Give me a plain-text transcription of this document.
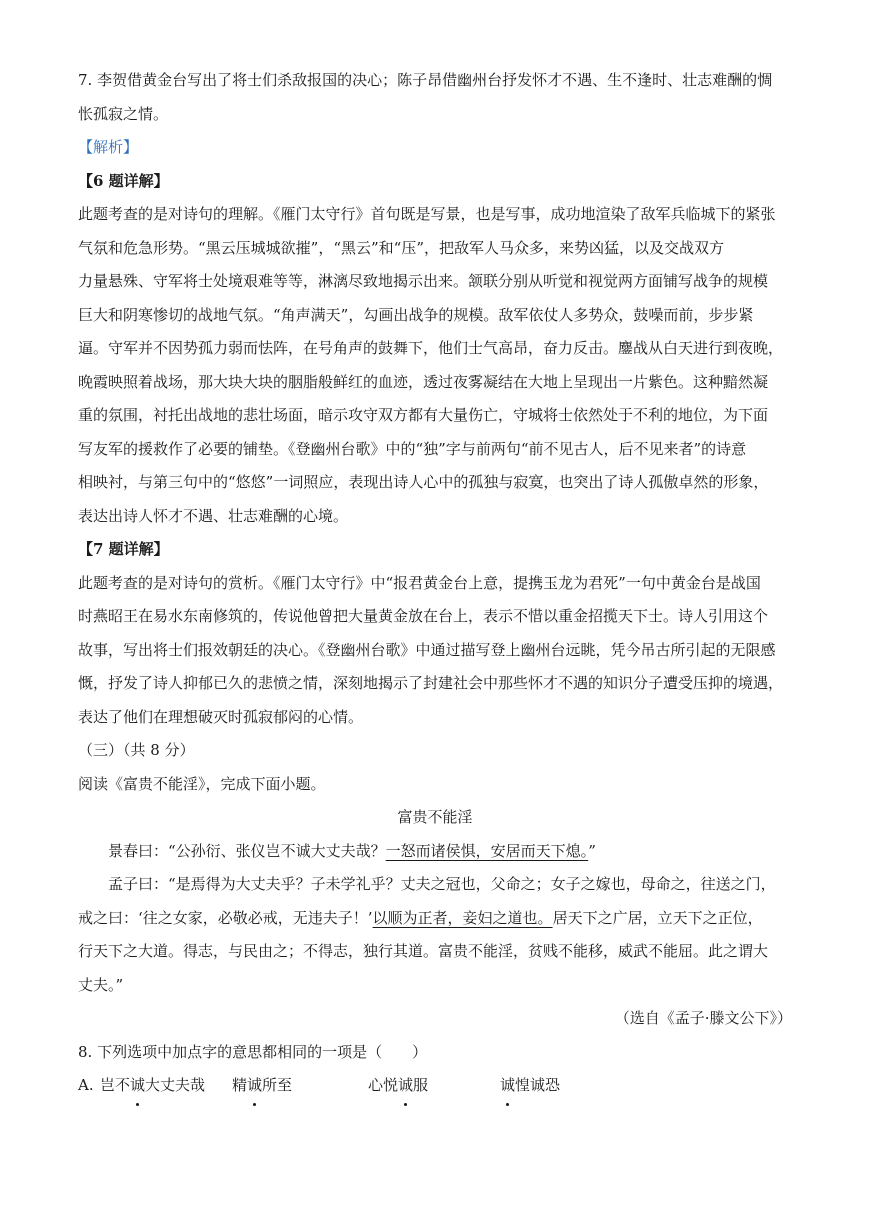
7. 李贺借黄金台写出了将士们杀敌报国的决心；陈子昂借幽州台抒发怀才不遇、生不逢时、壮志难酬的惆

怅孤寂之情。

【解析】

【6 题详解】

此题考查的是对诗句的理解。《雁门太守行》首句既是写景，也是写事，成功地渲染了敌军兵临城下的紧张

气氛和危急形势。“黑云压城城欲摧”，“黑云”和“压”，把敌军人马众多，来势凶猛，以及交战双方

力量悬殊、守军将士处境艰难等等，淋漓尽致地揭示出来。颔联分别从听觉和视觉两方面铺写战争的规模

巨大和阴寒惨切的战地气氛。“角声满天”，勾画出战争的规模。敌军依仗人多势众，鼓噪而前，步步紧

逼。守军并不因势孤力弱而怯阵，在号角声的鼓舞下，他们士气高昂，奋力反击。鏖战从白天进行到夜晚，

晚霞映照着战场，那大块大块的胭脂般鲜红的血迹，透过夜雾凝结在大地上呈现出一片紫色。这种黯然凝

重的氛围，衬托出战地的悲壮场面，暗示攻守双方都有大量伤亡，守城将士依然处于不利的地位，为下面

写友军的援救作了必要的铺垫。《登幽州台歌》中的“独”字与前两句“前不见古人，后不见来者”的诗意

相映衬，与第三句中的“悠悠”一词照应，表现出诗人心中的孤独与寂寞，也突出了诗人孤傲卓然的形象，

表达出诗人怀才不遇、壮志难酬的心境。

【7 题详解】

此题考查的是对诗句的赏析。《雁门太守行》中“报君黄金台上意，提携玉龙为君死”一句中黄金台是战国

时燕昭王在易水东南修筑的，传说他曾把大量黄金放在台上，表示不惜以重金招揽天下士。诗人引用这个

故事，写出将士们报效朝廷的决心。《登幽州台歌》中通过描写登上幽州台远眺，凭今吊古所引起的无限感

慨，抒发了诗人抑郁已久的悲愤之情，深刻地揭示了封建社会中那些怀才不遇的知识分子遭受压抑的境遇，

表达了他们在理想破灭时孤寂郁闷的心情。

（三）（共 8 分）

阅读《富贵不能淫》，完成下面小题。

富贵不能淫

景春曰：“公孙衍、张仪岂不诚大丈夫哉？一怒而诸侯惧，安居而天下熄。”

孟子曰：“是焉得为大丈夫乎？子未学礼乎？丈夫之冠也，父命之；女子之嫁也，母命之，往送之门，

戒之曰：‘往之女家，必敬必戒，无违夫子！’以顺为正者，妾妇之道也。居天下之广居，立天下之正位，

行天下之大道。得志，与民由之；不得志，独行其道。富贵不能淫，贫贱不能移，威武不能屈。此之谓大

丈夫。”

（选自《孟子·滕文公下》）

8. 下列选项中加点字的意思都相同的一项是（　　）

A. 岂不诚大丈夫哉	精诚所至	心悦诚服	诚惶诚恐
